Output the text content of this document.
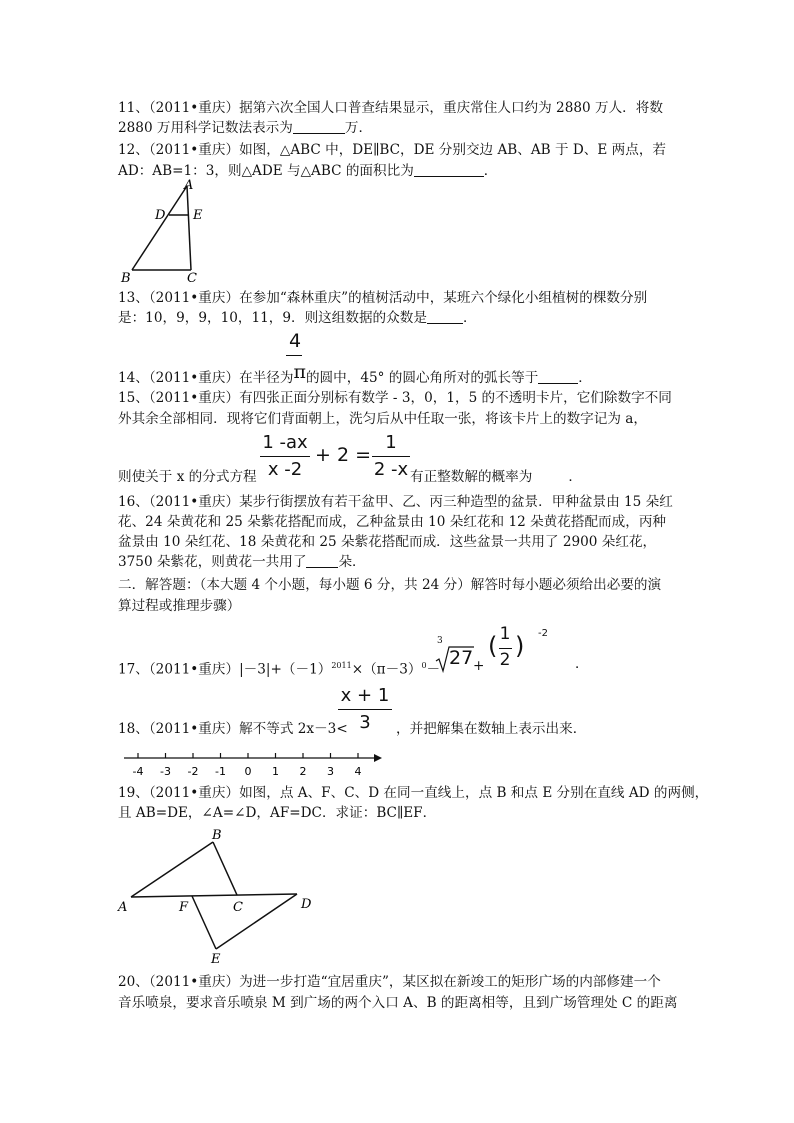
11、（2011•重庆）据第六次全国人口普查结果显示，重庆常住人口约为 2880 万人．将数
2880 万用科学记数法表示为	万．
12、（2011•重庆）如图，△ABC 中，DE∥BC，DE 分别交边 AB、AB 于 D、E 两点，若
AD：AB=1：3，则△ADE 与△ABC 的面积比为	．
A
D E
B	C
13、（2011•重庆）在参加“森林重庆”的植树活动中，某班六个绿化小组植树的棵数分别
是：10，9，9，10，11，9．则这组数据的众数是	．
4
14、（2011•重庆）在半径为π的圆中，45° 的圆心角所对的弧长等于	．
15、（2011•重庆）有四张正面分别标有数学 - 3，0，1，5 的不透明卡片，它们除数字不同
外其余全部相同．现将它们背面朝上，洗匀后从中任取一张，将该卡片上的数字记为 a，
1 -ax
x -2
+ 2 =
1
2 -x
则使关于 x 的分式方程	有正整数解的概率为	．
16、（2011•重庆）某步行街摆放有若干盆甲、乙、丙三种造型的盆景．甲种盆景由 15 朵红
花、24 朵黄花和 25 朵紫花搭配而成，乙种盆景由 10 朵红花和 12 朵黄花搭配而成，丙种
盆景由 10 朵红花、18 朵黄花和 25 朵紫花搭配而成．这些盆景一共用了 2900 朵红花，
3750 朵紫花，则黄花一共用了 朵．
二．解答题：（本大题 4 个小题，每小题 6 分，共 24 分）解答时每小题必须给出必要的演
算过程或推理步骤）
17、（2011•重庆）$|-3|+(-1)^{2011}\times(\pi-3)^0-$
3
27 +
( 1
2 ) -2
．
x + 1
3
18、（2011•重庆）解不等式 2x－3<	，并把解集在数轴上表示出来．
-4 -3 -2 -1 0 1 2 3 4
19、（2011•重庆）如图，点 A、F、C、D 在同一直线上，点 B 和点 E 分别在直线 AD 的两侧，
且 AB=DE，∠A=∠D，AF=DC．求证：BC∥EF．
B
A	F	C	D
E
20、（2011•重庆）为进一步打造“宜居重庆”，某区拟在新竣工的矩形广场的内部修建一个
音乐喷泉，要求音乐喷泉 M 到广场的两个入口 A、B 的距离相等，且到广场管理处 C 的距离
